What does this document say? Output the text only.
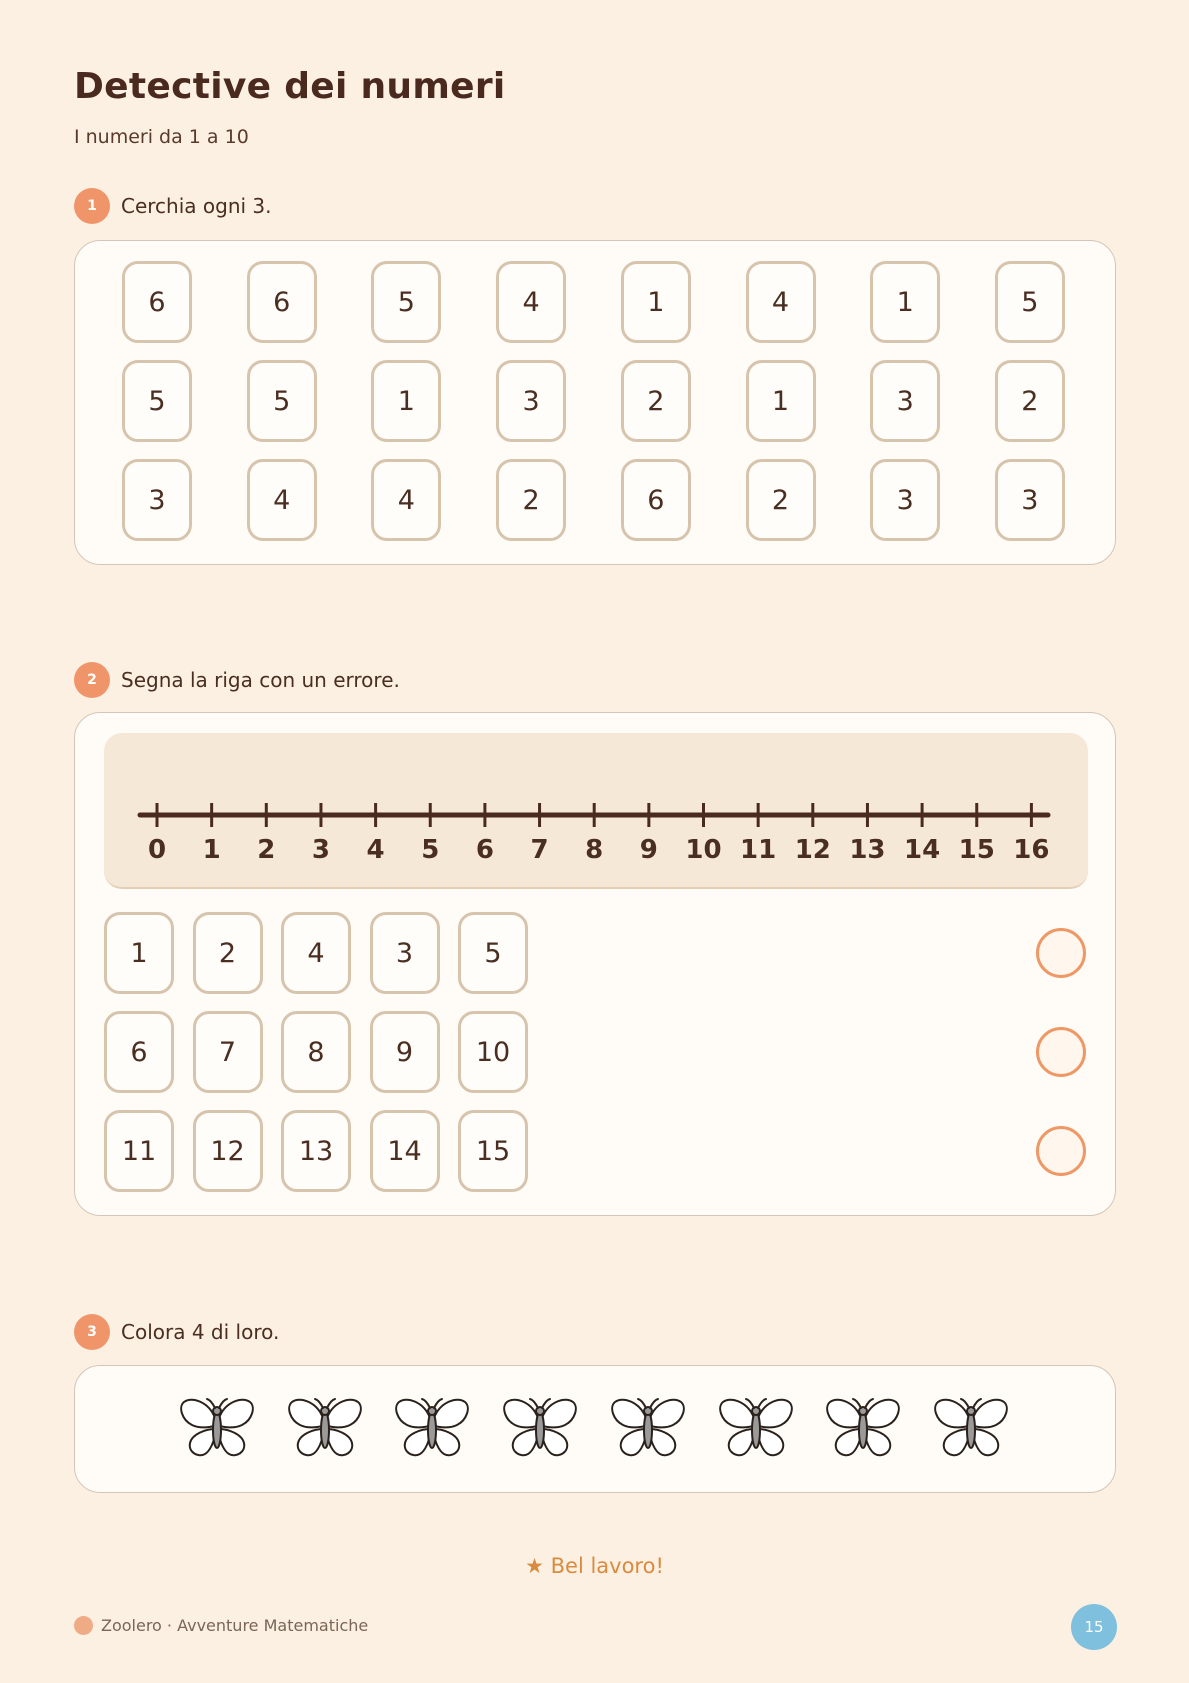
Detective dei numeri
I numeri da 1 a 10
1	Cerchia ogni 3.
6	6	5	4	1	4	1	5
5	5	1	3	2	1	3	2
3	4	4	2	6	2	3	3
2	Segna la riga con un errore.
0 1 2 3 4 5 6 7 8 9 10 11 12 13 14 15 16
1	2	4	3	5
6	7	8	9	10
11	12	13	14	15
3	Colora 4 di loro.
★ Bel lavoro!
Zoolero · Avventure Matematiche	15
